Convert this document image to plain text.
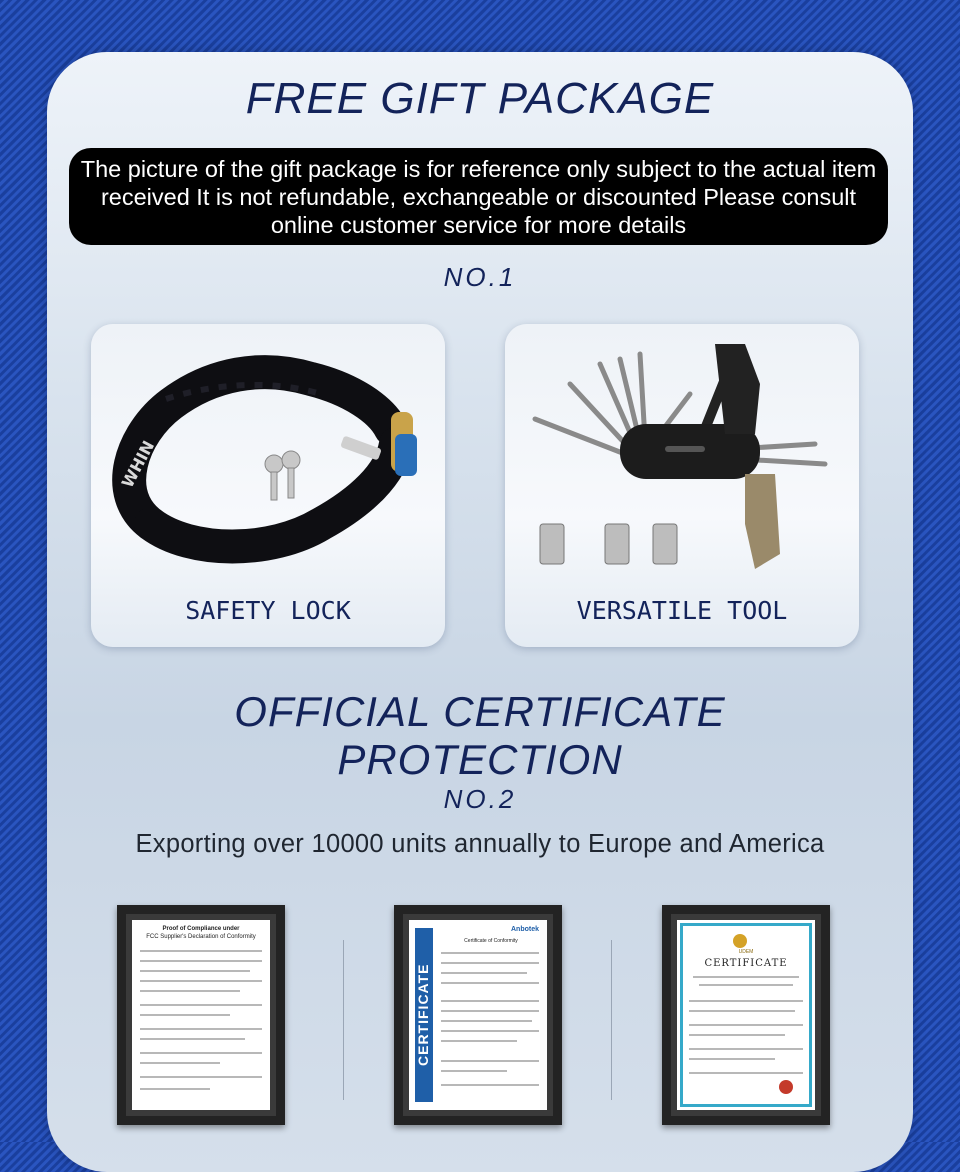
FREE GIFT PACKAGE
The picture of the gift package is for reference only subject to the actual item received It is not refundable, exchangeable or discounted Please consult online customer service for more details
NO.1
WHIN
SAFETY LOCK	VERSATILE TOOL
OFFICIAL CERTIFICATE
PROTECTION
NO.2
Exporting over 10000 units annually to Europe and America
Proof of Compliance under
FCC Supplier's Declaration of Conformity
CERTIFICATE
Anbotek
Certificate of Conformity
UDEM
CERTIFICATE
